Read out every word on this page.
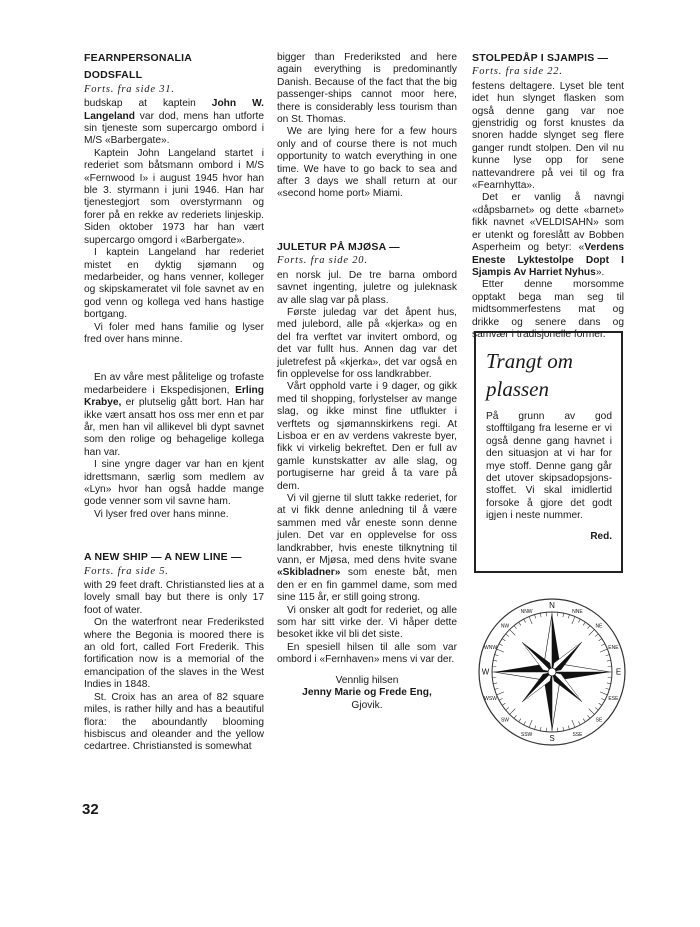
FEARNPERSONALIA
DODSFALL
Forts. fra side 31.

budskap at kaptein John W. Langeland var dod, mens han utforte sin tjeneste som supercargo ombord i M/S «Barbergate».

Kaptein John Langeland startet i rederiet som båtsmann ombord i M/S «Fernwood I» i august 1945 hvor han ble 3. styrmann i juni 1946. Han har tjenestegjort som overstyrmann og forer på en rekke av rederiets linjeskip. Siden oktober 1973 har han vært supercargo omgord i «Barbergate».

I kaptein Langeland har rederiet mistet en dyktig sjømann og medarbeider, og hans venner, kolleger og skipskameratet vil fole savnet av en god venn og kollega ved hans hastige bortgang.

Vi foler med hans familie og lyser fred over hans minne.

En av våre mest pålitelige og trofaste medarbeidere i Ekspedisjonen, Erling Krabye, er plutselig gått bort. Han har ikke vært ansatt hos oss mer enn et par år, men han vil allikevel bli dypt savnet som den rolige og behagelige kollega han var.

I sine yngre dager var han en kjent idrettsmann, særlig som medlem av «Lyn» hvor han også hadde mange gode venner som vil savne ham.

Vi lyser fred over hans minne.

A NEW SHIP — A NEW LINE —
Forts. fra side 5.

with 29 feet draft. Christiansted lies at a lovely small bay but there is only 17 foot of water.

On the waterfront near Frederiksted where the Begonia is moored there is an old fort, called Fort Frederik. This fortification now is a memorial of the emancipation of the slaves in the West Indies in 1848.

St. Croix has an area of 82 square miles, is rather hilly and has a beautiful flora: the aboundantly blooming hisbiscus and oleander and the yellow cedartree. Christiansted is somewhat

32

bigger than Frederiksted and here again everything is predominantly Danish. Because of the fact that the big passenger-ships cannot moor here, there is considerably less tourism than on St. Thomas.

We are lying here for a few hours only and of course there is not much opportunity to watch everything in one time. We have to go back to sea and after 3 days we shall return at our «second home port» Miami.

JULETUR PÅ MJØSA —
Forts. fra side 20.

en norsk jul. De tre barna ombord savnet ingenting, juletre og juleknask av alle slag var på plass.

Første juledag var det åpent hus, med julebord, alle på «kjerka» og en del fra verftet var invitert ombord, og det var fullt hus. Annen dag var det juletrefest på «kjerka», det var også en fin opplevelse for oss landkrabber.

Vårt opphold varte i 9 dager, og gikk med til shopping, forlystelser av mange slag, og ikke minst fine utflukter i verftets og sjømannskirkens regi. At Lisboa er en av verdens vakreste byer, fikk vi virkelig bekreftet. Den er full av gamle kunstskatter av alle slag, og portugiserne har greid å ta vare på dem.

Vi vil gjerne til slutt takke rederiet, for at vi fikk denne anledning til å være sammen med vår eneste sonn denne julen. Det var en opplevelse for oss landkrabber, hvis eneste tilknytning til vann, er Mjøsa, med dens hvite svane «Skibladner» som eneste båt, men den er en fin gammel dame, som med sine 115 år, er still going strong.

Vi onsker alt godt for rederiet, og alle som har sitt virke der. Vi håper dette besoket ikke vil bli det siste.

En spesiell hilsen til alle som var ombord i «Fernhaven» mens vi var der.

Vennlig hilsen
Jenny Marie og Frede Eng,
Gjovik.
STOLPEDÅP I SJAMPIS —
Forts. fra side 22.

festens deltagere. Lyset ble tent idet hun slynget flasken som også denne gang var noe gjenstridig og forst knustes da snoren hadde slynget seg flere ganger rundt stolpen. Den vil nu kunne lyse opp for sene nattevandrere på vei til og fra «Fearnhytta».

Det er vanlig å navngi «dåpsbarnet» og dette «barnet» fikk navnet «VELDISAHN» som er utenkt og foreslått av Bobben Asperheim og betyr: «Verdens Eneste Lyktestolpe Dopt I Sjampis Av Harriet Nyhus».

Etter denne morsomme opptakt bega man seg til midtsommerfestens mat og drikke og senere dans og samvær i tradisjonelle former.

Trangt om
plassen

På grunn av god stofftilgang fra leserne er vi også denne gang havnet i den situasjon at vi har for mye stoff. Denne gang går det utover skipsadopsjons-stoffet. Vi skal imidlertid forsoke å gjore det godt igjen i neste nummer.

Red.
N
NNE
NE
ENE
E
ESE
SE
SSE
S
SSW
SW
WSW
W
WNW
NW
NNW
